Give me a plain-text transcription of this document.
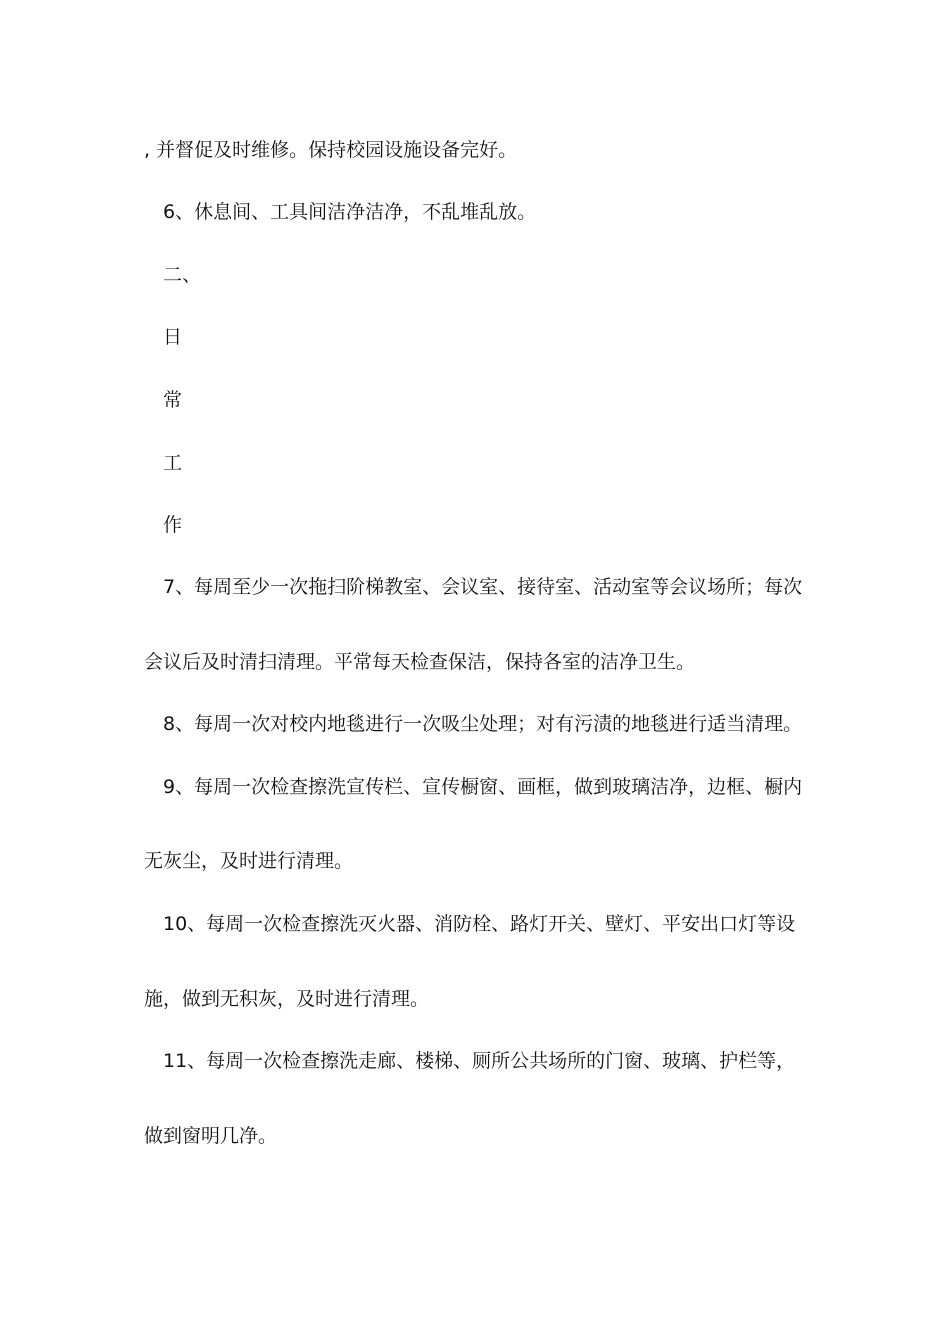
, 并督促及时维修。保持校园设施设备完好。
6、休息间、工具间洁净洁净，不乱堆乱放。
二、
日
常
工
作
7、每周至少一次拖扫阶梯教室、会议室、接待室、活动室等会议场所；每次
会议后及时清扫清理。平常每天检查保洁，保持各室的洁净卫生。
8、每周一次对校内地毯进行一次吸尘处理；对有污渍的地毯进行适当清理。
9、每周一次检查擦洗宣传栏、宣传橱窗、画框，做到玻璃洁净，边框、橱内
无灰尘，及时进行清理。
10、每周一次检查擦洗灭火器、消防栓、路灯开关、壁灯、平安出口灯等设
施，做到无积灰，及时进行清理。
11、每周一次检查擦洗走廊、楼梯、厕所公共场所的门窗、玻璃、护栏等，
做到窗明几净。
